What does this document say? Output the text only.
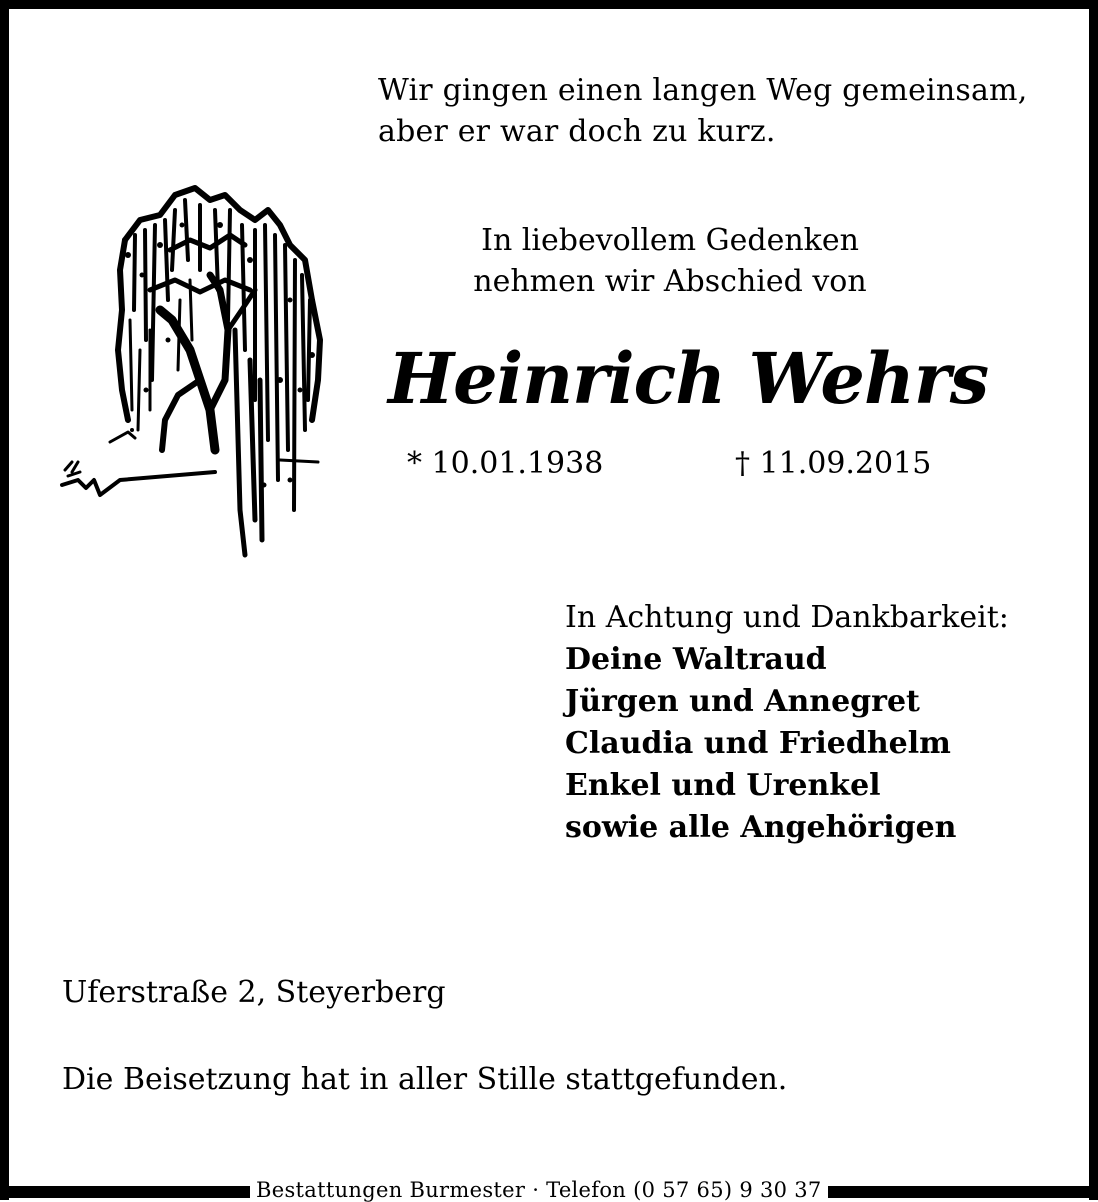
Wir gingen einen langen Weg gemeinsam,
aber er war doch zu kurz.
In liebevollem Gedenken
nehmen wir Abschied von
Heinrich Wehrs
* 10.01.1938	† 11.09.2015
In Achtung und Dankbarkeit:
Deine Waltraud
Jürgen und Annegret
Claudia und Friedhelm
Enkel und Urenkel
sowie alle Angehörigen
Uferstraße 2, Steyerberg
Die Beisetzung hat in aller Stille stattgefunden.
Bestattungen Burmester · Telefon (0 57 65) 9 30 37
